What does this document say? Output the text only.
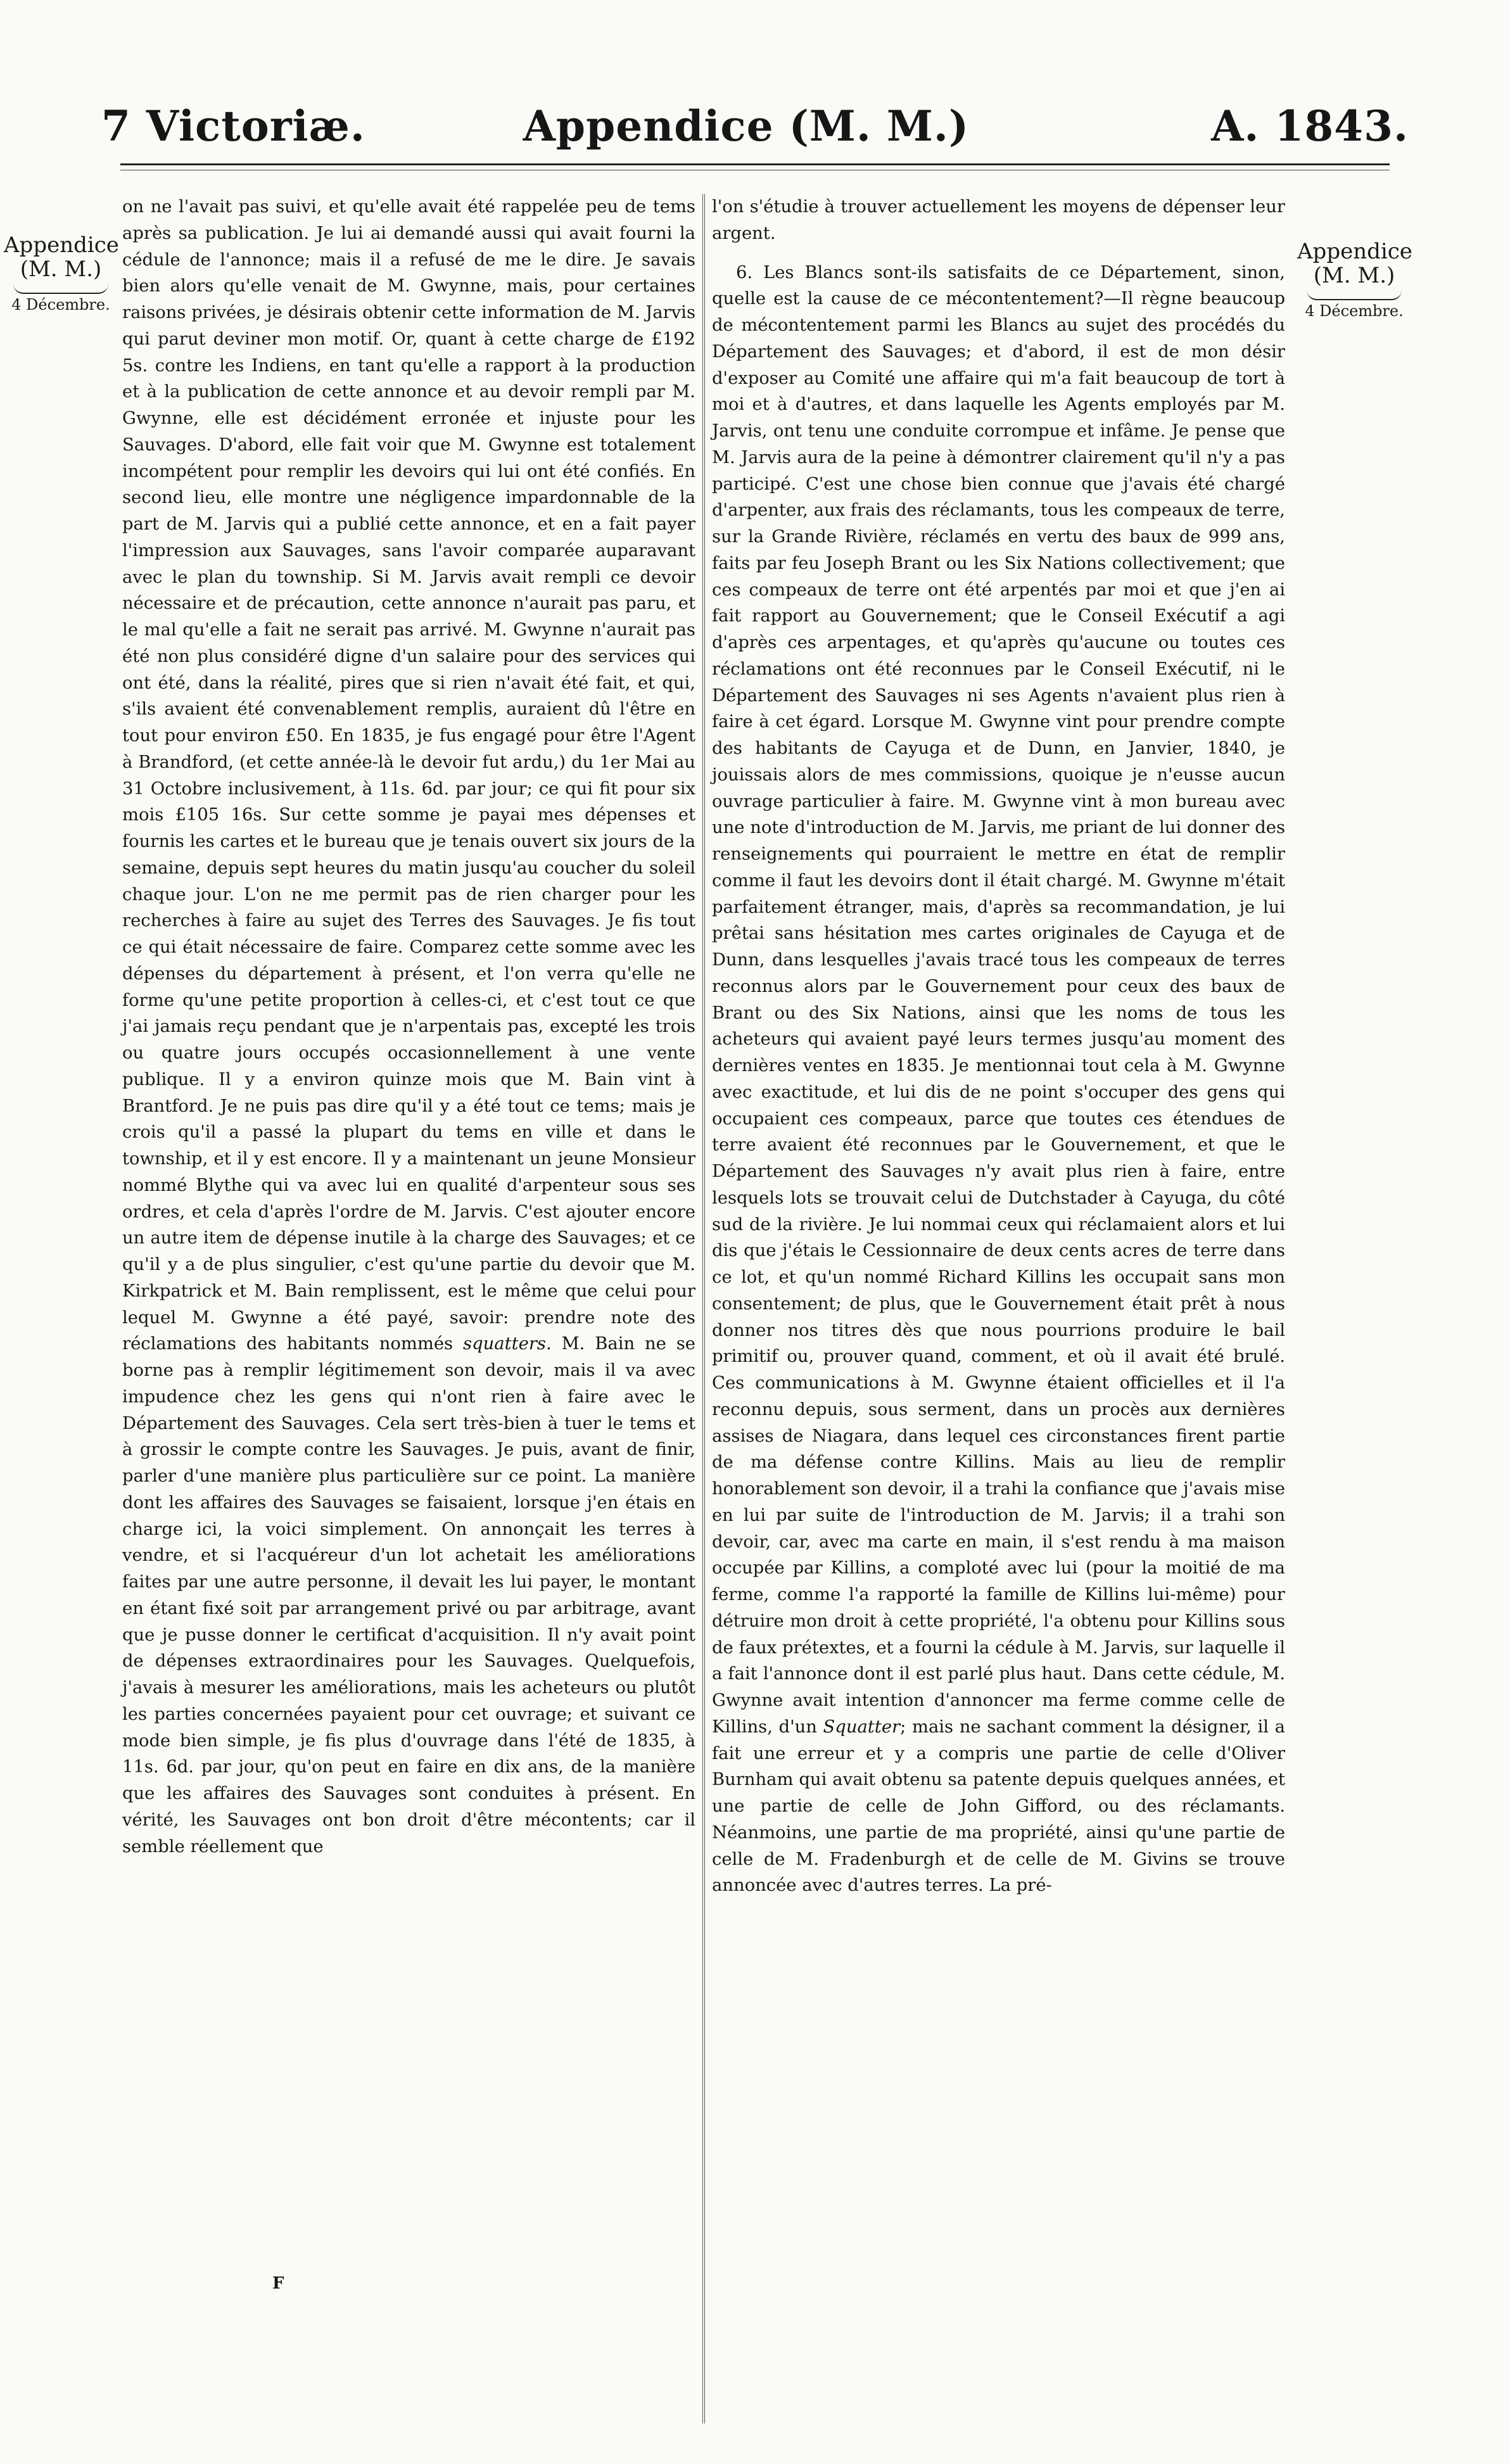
7 Victoriæ.	Appendice (M. M.)	A. 1843.
Appendice
(M. M.)
4 Décembre.
Appendice
(M. M.)
4 Décembre.

on ne l'avait pas suivi, et qu'elle avait été rappelée peu de tems après sa publication. Je lui ai demandé aussi qui avait fourni la cédule de l'annonce; mais il a refusé de me le dire. Je savais bien alors qu'elle venait de M. Gwynne, mais, pour certaines raisons privées, je désirais obtenir cette information de M. Jarvis qui parut deviner mon motif. Or, quant à cette charge de £192 5s. contre les Indiens, en tant qu'elle a rapport à la production et à la publication de cette annonce et au devoir rempli par M. Gwynne, elle est décidément erronée et injuste pour les Sauvages. D'abord, elle fait voir que M. Gwynne est totalement incompétent pour remplir les devoirs qui lui ont été confiés. En second lieu, elle montre une négligence impardonnable de la part de M. Jarvis qui a publié cette annonce, et en a fait payer l'impression aux Sauvages, sans l'avoir comparée auparavant avec le plan du township. Si M. Jarvis avait rempli ce devoir nécessaire et de précaution, cette annonce n'aurait pas paru, et le mal qu'elle a fait ne serait pas arrivé. M. Gwynne n'aurait pas été non plus considéré digne d'un salaire pour des services qui ont été, dans la réalité, pires que si rien n'avait été fait, et qui, s'ils avaient été convenablement remplis, auraient dû l'être en tout pour environ £50. En 1835, je fus engagé pour être l'Agent à Brandford, (et cette année-là le devoir fut ardu,) du 1er Mai au 31 Octobre inclusivement, à 11s. 6d. par jour; ce qui fit pour six mois £105 16s. Sur cette somme je payai mes dépenses et fournis les cartes et le bureau que je tenais ouvert six jours de la semaine, depuis sept heures du matin jusqu'au coucher du soleil chaque jour. L'on ne me permit pas de rien charger pour les recherches à faire au sujet des Terres des Sauvages. Je fis tout ce qui était nécessaire de faire. Comparez cette somme avec les dépenses du département à présent, et l'on verra qu'elle ne forme qu'une petite proportion à celles-ci, et c'est tout ce que j'ai jamais reçu pendant que je n'arpentais pas, excepté les trois ou quatre jours occupés occasionnellement à une vente publique. Il y a environ quinze mois que M. Bain vint à Brantford. Je ne puis pas dire qu'il y a été tout ce tems; mais je crois qu'il a passé la plupart du tems en ville et dans le township, et il y est encore. Il y a maintenant un jeune Monsieur nommé Blythe qui va avec lui en qualité d'arpenteur sous ses ordres, et cela d'après l'ordre de M. Jarvis. C'est ajouter encore un autre item de dépense inutile à la charge des Sauvages; et ce qu'il y a de plus singulier, c'est qu'une partie du devoir que M. Kirkpatrick et M. Bain remplissent, est le même que celui pour lequel M. Gwynne a été payé, savoir: prendre note des réclamations des habitants nommés squatters. M. Bain ne se borne pas à remplir légitimement son devoir, mais il va avec impudence chez les gens qui n'ont rien à faire avec le Département des Sauvages. Cela sert très-bien à tuer le tems et à grossir le compte contre les Sauvages. Je puis, avant de finir, parler d'une manière plus particulière sur ce point. La manière dont les affaires des Sauvages se faisaient, lorsque j'en étais en charge ici, la voici simplement. On annonçait les terres à vendre, et si l'acquéreur d'un lot achetait les améliorations faites par une autre personne, il devait les lui payer, le montant en étant fixé soit par arrangement privé ou par arbitrage, avant que je pusse donner le certificat d'acquisition. Il n'y avait point de dépenses extraordinaires pour les Sauvages. Quelquefois, j'avais à mesurer les améliorations, mais les acheteurs ou plutôt les parties concernées payaient pour cet ouvrage; et suivant ce mode bien simple, je fis plus d'ouvrage dans l'été de 1835, à 11s. 6d. par jour, qu'on peut en faire en dix ans, de la manière que les affaires des Sauvages sont conduites à présent. En vérité, les Sauvages ont bon droit d'être mécontents; car il semble réellement que

l'on s'étudie à trouver actuellement les moyens de dépenser leur argent.

6. Les Blancs sont-ils satisfaits de ce Département, sinon, quelle est la cause de ce mécontentement?—Il règne beaucoup de mécontentement parmi les Blancs au sujet des procédés du Département des Sauvages; et d'abord, il est de mon désir d'exposer au Comité une affaire qui m'a fait beaucoup de tort à moi et à d'autres, et dans laquelle les Agents employés par M. Jarvis, ont tenu une conduite corrompue et infâme. Je pense que M. Jarvis aura de la peine à démontrer clairement qu'il n'y a pas participé. C'est une chose bien connue que j'avais été chargé d'arpenter, aux frais des réclamants, tous les compeaux de terre, sur la Grande Rivière, réclamés en vertu des baux de 999 ans, faits par feu Joseph Brant ou les Six Nations collectivement; que ces compeaux de terre ont été arpentés par moi et que j'en ai fait rapport au Gouvernement; que le Conseil Exécutif a agi d'après ces arpentages, et qu'après qu'aucune ou toutes ces réclamations ont été reconnues par le Conseil Exécutif, ni le Département des Sauvages ni ses Agents n'avaient plus rien à faire à cet égard. Lorsque M. Gwynne vint pour prendre compte des habitants de Cayuga et de Dunn, en Janvier, 1840, je jouissais alors de mes commissions, quoique je n'eusse aucun ouvrage particulier à faire. M. Gwynne vint à mon bureau avec une note d'introduction de M. Jarvis, me priant de lui donner des renseignements qui pourraient le mettre en état de remplir comme il faut les devoirs dont il était chargé. M. Gwynne m'était parfaitement étranger, mais, d'après sa recommandation, je lui prêtai sans hésitation mes cartes originales de Cayuga et de Dunn, dans lesquelles j'avais tracé tous les compeaux de terres reconnus alors par le Gouvernement pour ceux des baux de Brant ou des Six Nations, ainsi que les noms de tous les acheteurs qui avaient payé leurs termes jusqu'au moment des dernières ventes en 1835. Je mentionnai tout cela à M. Gwynne avec exactitude, et lui dis de ne point s'occuper des gens qui occupaient ces compeaux, parce que toutes ces étendues de terre avaient été reconnues par le Gouvernement, et que le Département des Sauvages n'y avait plus rien à faire, entre lesquels lots se trouvait celui de Dutchstader à Cayuga, du côté sud de la rivière. Je lui nommai ceux qui réclamaient alors et lui dis que j'étais le Cessionnaire de deux cents acres de terre dans ce lot, et qu'un nommé Richard Killins les occupait sans mon consentement; de plus, que le Gouvernement était prêt à nous donner nos titres dès que nous pourrions produire le bail primitif ou, prouver quand, comment, et où il avait été brulé. Ces communications à M. Gwynne étaient officielles et il l'a reconnu depuis, sous serment, dans un procès aux dernières assises de Niagara, dans lequel ces circonstances firent partie de ma défense contre Killins. Mais au lieu de remplir honorablement son devoir, il a trahi la confiance que j'avais mise en lui par suite de l'introduction de M. Jarvis; il a trahi son devoir, car, avec ma carte en main, il s'est rendu à ma maison occupée par Killins, a comploté avec lui (pour la moitié de ma ferme, comme l'a rapporté la famille de Killins lui-même) pour détruire mon droit à cette propriété, l'a obtenu pour Killins sous de faux prétextes, et a fourni la cédule à M. Jarvis, sur laquelle il a fait l'annonce dont il est parlé plus haut. Dans cette cédule, M. Gwynne avait intention d'annoncer ma ferme comme celle de Killins, d'un Squatter; mais ne sachant comment la désigner, il a fait une erreur et y a compris une partie de celle d'Oliver Burnham qui avait obtenu sa patente depuis quelques années, et une partie de celle de John Gifford, ou des réclamants. Néanmoins, une partie de ma propriété, ainsi qu'une partie de celle de M. Fradenburgh et de celle de M. Givins se trouve annoncée avec d'autres terres. La pré-

F
